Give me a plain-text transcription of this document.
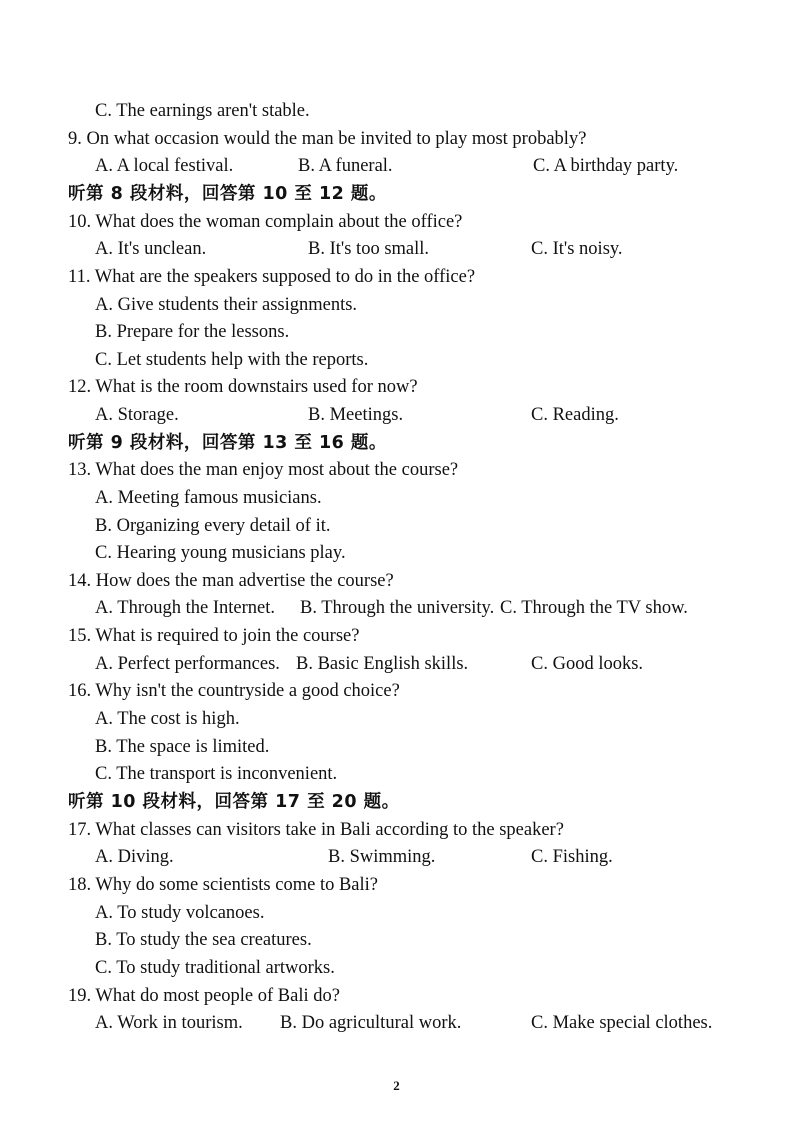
C. The earnings aren't stable.
9. On what occasion would the man be invited to play most probably?
A. A local festival.	B. A funeral.	C. A birthday party.
听第 8 段材料，回答第 10 至 12 题。
10. What does the woman complain about the office?
A. It's unclean.	B. It's too small.	C. It's noisy.
11. What are the speakers supposed to do in the office?
A. Give students their assignments.
B. Prepare for the lessons.
C. Let students help with the reports.
12. What is the room downstairs used for now?
A. Storage.	B. Meetings.	C. Reading.
听第 9 段材料，回答第 13 至 16 题。
13. What does the man enjoy most about the course?
A. Meeting famous musicians.
B. Organizing every detail of it.
C. Hearing young musicians play.
14. How does the man advertise the course?
A. Through the Internet. B. Through the university. C. Through the TV show.
15. What is required to join the course?
A. Perfect performances. B. Basic English skills.	C. Good looks.
16. Why isn't the countryside a good choice?
A. The cost is high.
B. The space is limited.
C. The transport is inconvenient.
听第 10 段材料，回答第 17 至 20 题。
17. What classes can visitors take in Bali according to the speaker?
A. Diving.	B. Swimming.	C. Fishing.
18. Why do some scientists come to Bali?
A. To study volcanoes.
B. To study the sea creatures.
C. To study traditional artworks.
19. What do most people of Bali do?
A. Work in tourism. B. Do agricultural work.	C. Make special clothes.
2
